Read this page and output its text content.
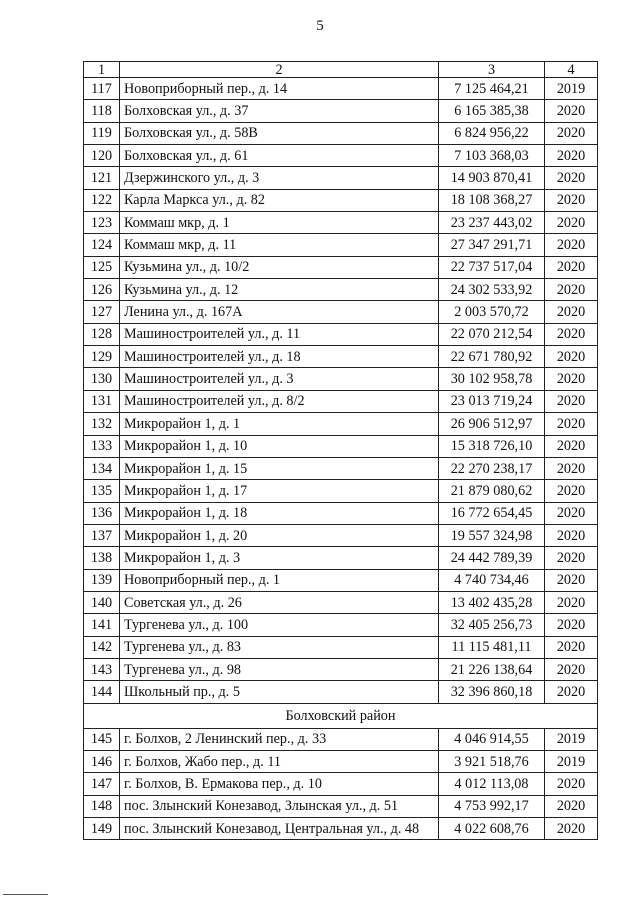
5
1	2	3	4
117	Новоприборный пер., д. 14	7 125 464,21	2019
118	Болховская ул., д. 37	6 165 385,38	2020
119	Болховская ул., д. 58В	6 824 956,22	2020
120	Болховская ул., д. 61	7 103 368,03	2020
121	Дзержинского ул., д. 3	14 903 870,41	2020
122	Карла Маркса ул., д. 82	18 108 368,27	2020
123	Коммаш мкр, д. 1	23 237 443,02	2020
124	Коммаш мкр, д. 11	27 347 291,71	2020
125	Кузьмина ул., д. 10/2	22 737 517,04	2020
126	Кузьмина ул., д. 12	24 302 533,92	2020
127	Ленина ул., д. 167А	2 003 570,72	2020
128	Машиностроителей ул., д. 11	22 070 212,54	2020
129	Машиностроителей ул., д. 18	22 671 780,92	2020
130	Машиностроителей ул., д. 3	30 102 958,78	2020
131	Машиностроителей ул., д. 8/2	23 013 719,24	2020
132	Микрорайон 1, д. 1	26 906 512,97	2020
133	Микрорайон 1, д. 10	15 318 726,10	2020
134	Микрорайон 1, д. 15	22 270 238,17	2020
135	Микрорайон 1, д. 17	21 879 080,62	2020
136	Микрорайон 1, д. 18	16 772 654,45	2020
137	Микрорайон 1, д. 20	19 557 324,98	2020
138	Микрорайон 1, д. 3	24 442 789,39	2020
139	Новоприборный пер., д. 1	4 740 734,46	2020
140	Советская ул., д. 26	13 402 435,28	2020
141	Тургенева ул., д. 100	32 405 256,73	2020
142	Тургенева ул., д. 83	11 115 481,11	2020
143	Тургенева ул., д. 98	21 226 138,64	2020
144	Школьный пр., д. 5	32 396 860,18	2020
Болховский район			
145	г. Болхов, 2 Ленинский пер., д. 33	4 046 914,55	2019
146	г. Болхов, Жабо пер., д. 11	3 921 518,76	2019
147	г. Болхов, В. Ермакова пер., д. 10	4 012 113,08	2020
148	пос. Злынский Конезавод, Злынская ул., д. 51	4 753 992,17	2020
149	пос. Злынский Конезавод, Центральная ул., д. 48	4 022 608,76	2020
